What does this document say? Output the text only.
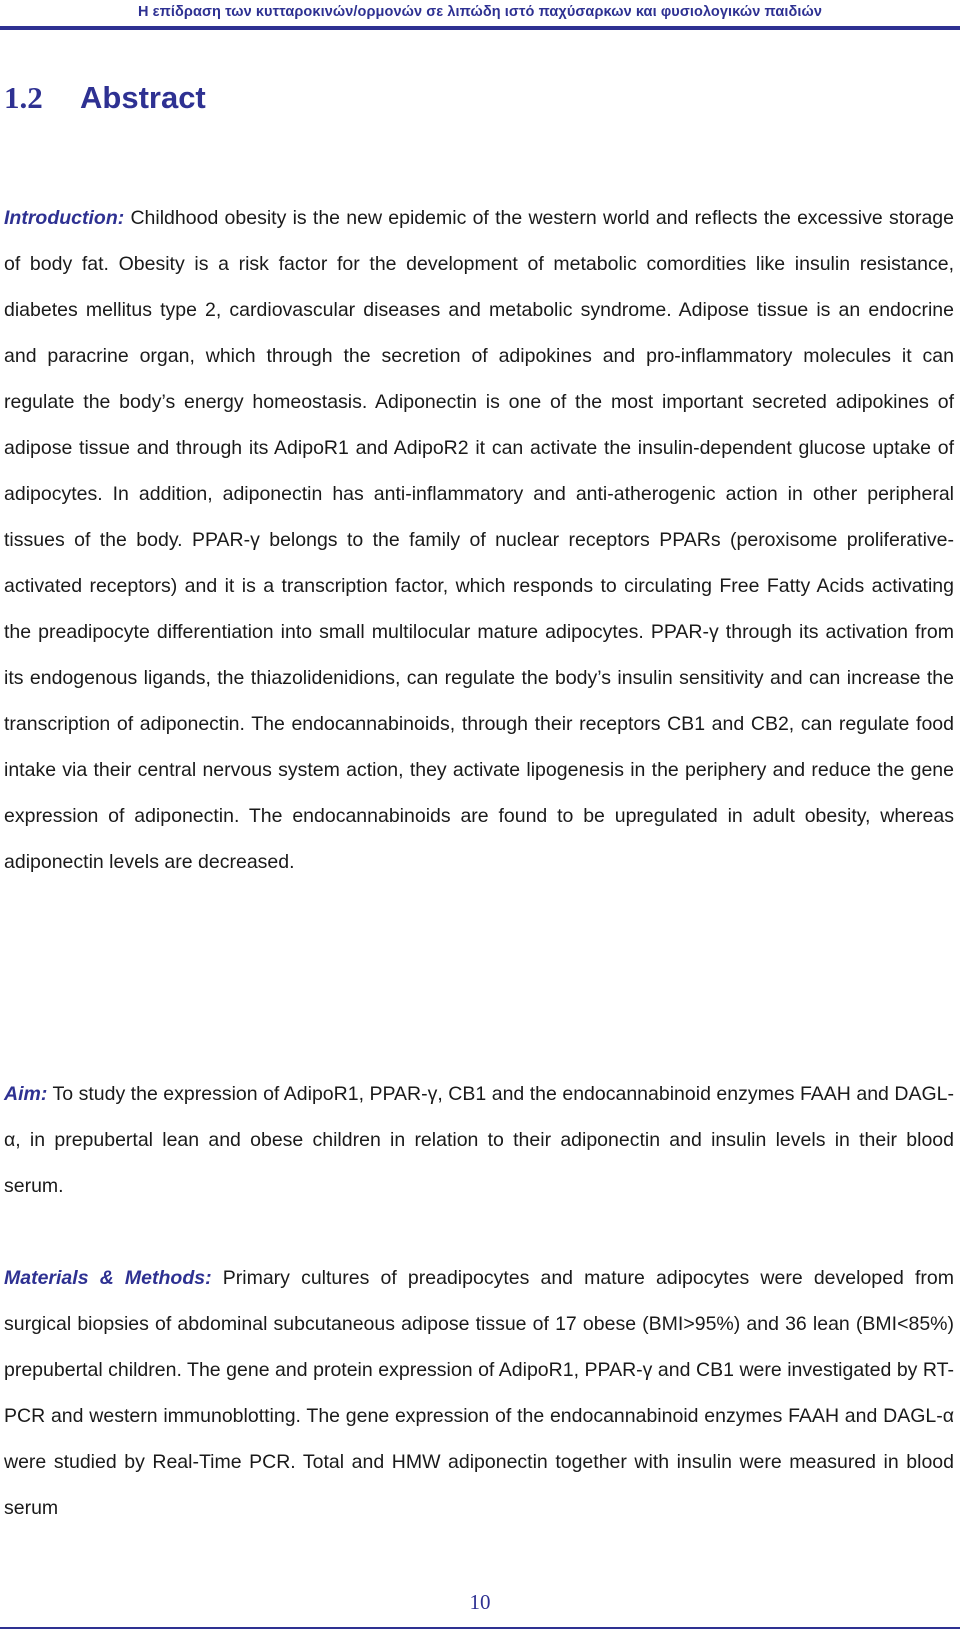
Η επίδραση των κυτταροκινών/ορμονών σε λιπώδη ιστό παχύσαρκων και φυσιολογικών παιδιών
1.2 Abstract

Introduction: Childhood obesity is the new epidemic of the western world and reflects the excessive storage of body fat. Obesity is a risk factor for the development of metabolic comordities like insulin resistance, diabetes mellitus type 2, cardiovascular diseases and metabolic syndrome. Adipose tissue is an endocrine and paracrine organ, which through the secretion of adipokines and pro-inflammatory molecules it can regulate the body’s energy homeostasis. Adiponectin is one of the most important secreted adipokines of adipose tissue and through its AdipoR1 and AdipoR2 it can activate the insulin-dependent glucose uptake of adipocytes. In addition, adiponectin has anti-inflammatory and anti-atherogenic action in other peripheral tissues of the body. PPAR-γ belongs to the family of nuclear receptors PPARs (peroxisome proliferative-activated receptors) and it is a transcription factor, which responds to circulating Free Fatty Acids activating the preadipocyte differentiation into small multilocular mature adipocytes. PPAR-γ through its activation from its endogenous ligands, the thiazolidenidions, can regulate the body’s insulin sensitivity and can increase the transcription of adiponectin. The endocannabinoids, through their receptors CB1 and CB2, can regulate food intake via their central nervous system action, they activate lipogenesis in the periphery and reduce the gene expression of adiponectin. The endocannabinoids are found to be upregulated in adult obesity, whereas adiponectin levels are decreased.

Aim: To study the expression of AdipoR1, PPAR-γ, CB1 and the endocannabinoid enzymes FAAH and DAGL-α, in prepubertal lean and obese children in relation to their adiponectin and insulin levels in their blood serum.

Materials & Methods: Primary cultures of preadipocytes and mature adipocytes were developed from surgical biopsies of abdominal subcutaneous adipose tissue of 17 obese (BMI>95%) and 36 lean (BMI<85%) prepubertal children. The gene and protein expression of AdipoR1, PPAR-γ and CB1 were investigated by RT-PCR and western immunoblotting. The gene expression of the endocannabinoid enzymes FAAH and DAGL-α were studied by Real-Time PCR. Total and HMW adiponectin together with insulin were measured in blood serum

10
